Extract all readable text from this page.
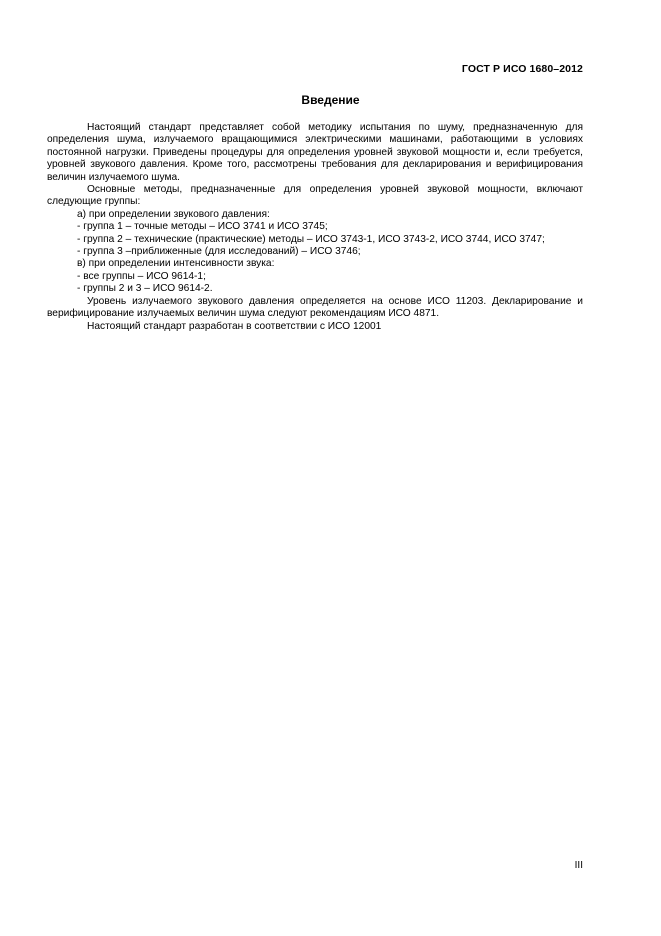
ГОСТ Р ИСО 1680–2012
Введение

Настоящий стандарт представляет собой методику испытания по шуму, предназначенную для определения шума, излучаемого вращающимися электрическими машинами, работающими в условиях постоянной нагрузки. Приведены процедуры для определения уровней звуковой мощности и, если требуется, уровней звукового давления. Кроме того, рассмотрены требования для декларирования и верифицирования величин излучаемого шума.

Основные методы, предназначенные для определения уровней звуковой мощности, включают следующие группы:

а) при определении звукового давления:

- группа 1 – точные методы – ИСО 3741 и ИСО 3745;

- группа 2 – технические (практические) методы – ИСО 3743-1, ИСО 3743-2, ИСО 3744, ИСО 3747;

- группа 3 –приближенные (для исследований) – ИСО 3746;

в) при определении интенсивности звука:

- все группы – ИСО 9614-1;

- группы 2 и 3 – ИСО 9614-2.

Уровень излучаемого звукового давления определяется на основе ИСО 11203. Декларирование и верифицирование излучаемых величин шума следуют рекомендациям ИСО 4871.

Настоящий стандарт разработан в соответствии с ИСО 12001

III
